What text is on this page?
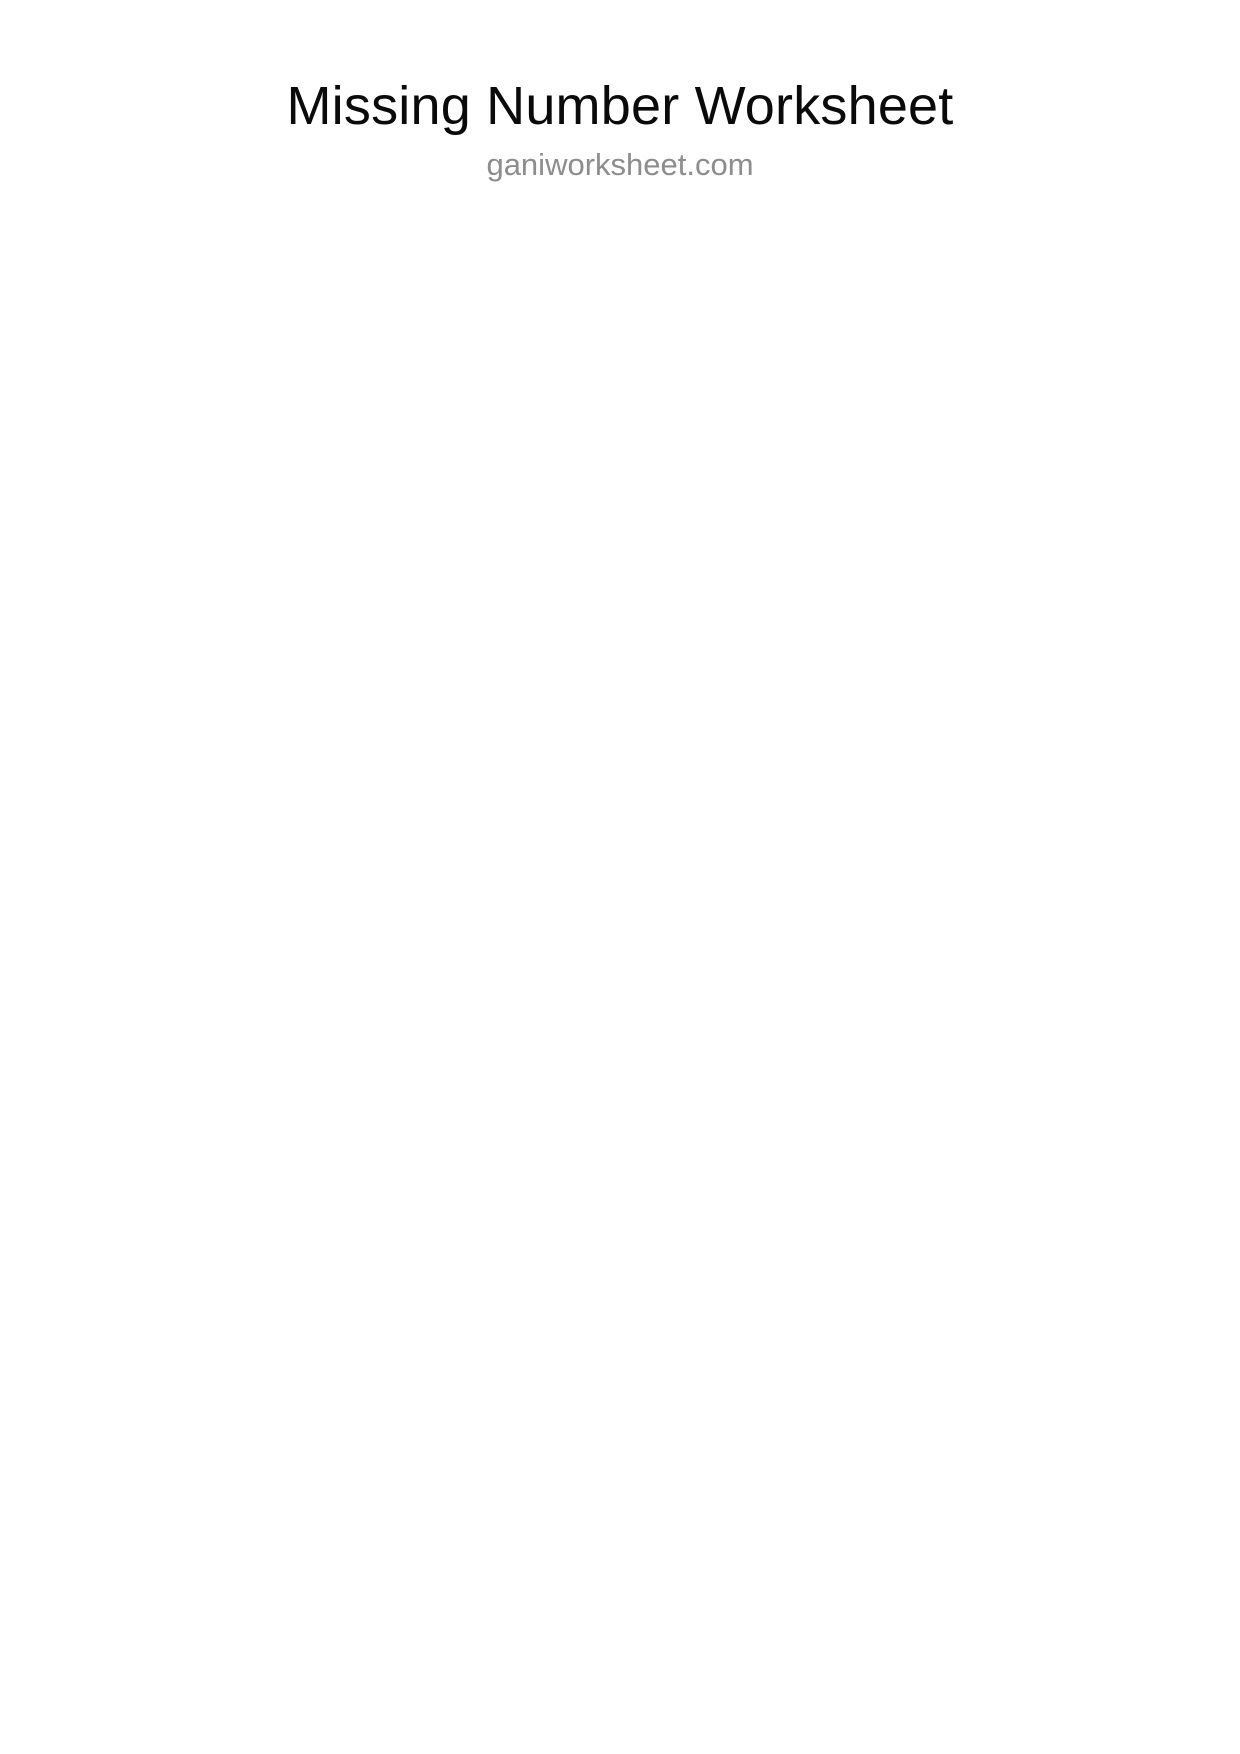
Missing Number Worksheet
ganiworksheet.com
